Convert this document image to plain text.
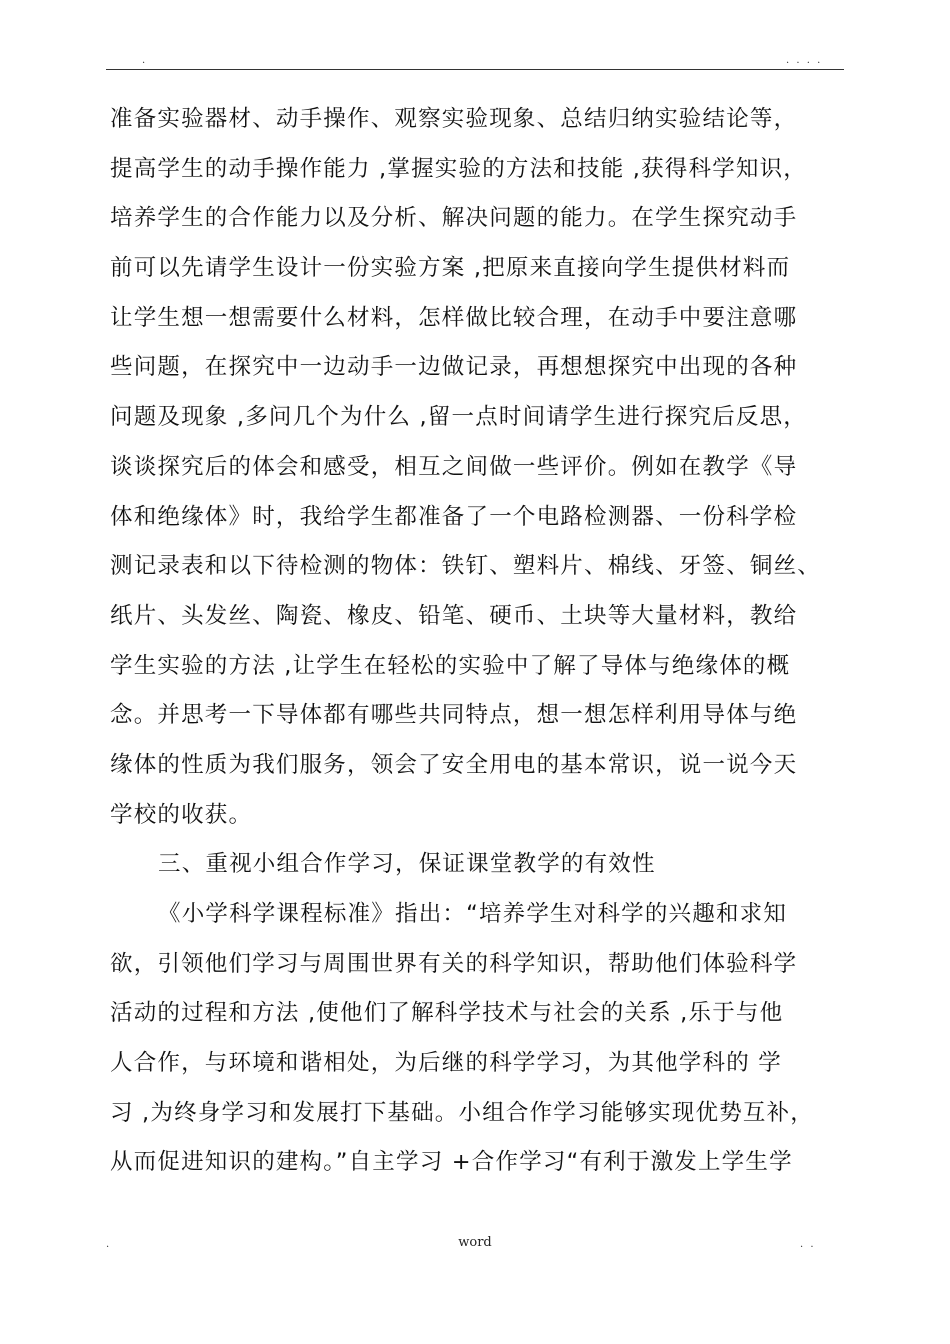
.	. . . .
准备实验器材、动手操作、观察实验现象、总结归纳实验结论等，
提高学生的动手操作能力 ,掌握实验的方法和技能 ,获得科学知识，
培养学生的合作能力以及分析、解决问题的能力。在学生探究动手
前可以先请学生设计一份实验方案 ,把原来直接向学生提供材料而
让学生想一想需要什么材料，怎样做比较合理，在动手中要注意哪
些问题，在探究中一边动手一边做记录，再想想探究中出现的各种
问题及现象 ,多问几个为什么 ,留一点时间请学生进行探究后反思，
谈谈探究后的体会和感受，相互之间做一些评价。例如在教学《导
体和绝缘体》时，我给学生都准备了一个电路检测器、一份科学检
测记录表和以下待检测的物体：铁钉、塑料片、棉线、牙签、铜丝、
纸片、头发丝、陶瓷、橡皮、铅笔、硬币、土块等大量材料，教给
学生实验的方法 ,让学生在轻松的实验中了解了导体与绝缘体的概
念。并思考一下导体都有哪些共同特点，想一想怎样利用导体与绝
缘体的性质为我们服务，领会了安全用电的基本常识，说一说今天
学校的收获。
三、重视小组合作学习，保证课堂教学的有效性
《小学科学课程标准》指出：“培养学生对科学的兴趣和求知
欲，引领他们学习与周围世界有关的科学知识，帮助他们体验科学
活动的过程和方法 ,使他们了解科学技术与社会的关系 ,乐于与他
人合作，与环境和谐相处，为后继的科学学习，为其他学科的 学
习 ,为终身学习和发展打下基础。小组合作学习能够实现优势互补，
从而促进知识的建构。”自主学习 +合作学习“有利于激发上学生学
.	word	. .
